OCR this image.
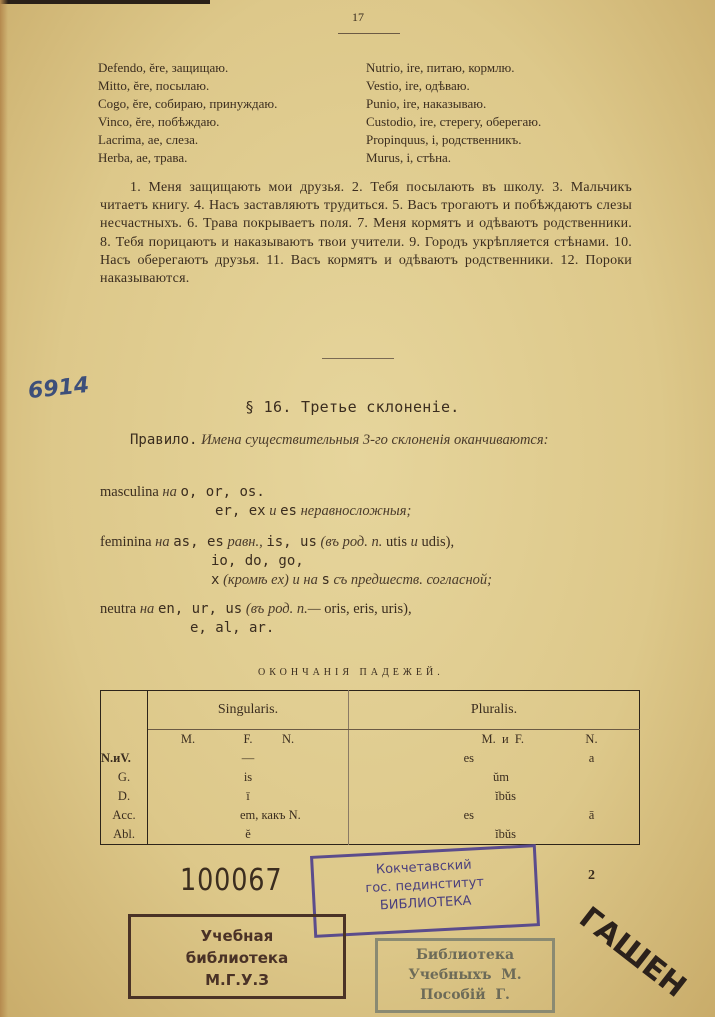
17
Defendo, ĕre, защищаю.
Mitto, ĕre, посылаю.
Cogo, ĕre, собираю, принуждаю.
Vinco, ĕre, побѣждаю.
Lacrima, ae, слеза.
Herba, ae, трава.
Nutrio, ire, питаю, кормлю.
Vestio, ire, одѣваю.
Punio, ire, наказываю.
Custodio, ire, стерегу, оберегаю.
Propinquus, i, родственникъ.
Murus, i, стѣна.
1. Меня защищають мои друзья. 2. Тебя посылають въ школу. 3. Мальчикъ читаетъ книгу. 4. Насъ заставляютъ трудиться. 5. Васъ трогаютъ и побѣждаютъ слезы несчастныхъ. 6. Трава покрываетъ поля. 7. Меня кормятъ и одѣваютъ родственники. 8. Тебя порицаютъ и наказываютъ твои учители. 9. Городъ укрѣпляется стѣнами. 10. Насъ оберегаютъ друзья. 11. Васъ кормятъ и одѣваютъ родственники. 12. Пороки наказываются.
6914
§ 16. Третье склоненіе.
Правило. Имена существительныя 3-го склоненія оканчиваются:
masculina на o, or, os.
er, ex и es неравносложныя;
feminina на as, es равн., is, us (въ род. п. utis и udis),
io, do, go,
x (кромѣ ex) и на s съ предшеств. согласной;
neutra на en, ur, us (въ род. п.— oris, eris, uris),
e, al, ar.
ОКОНЧАНІЯ ПАДЕЖЕЙ.
	Singularis.			Pluralis.	
	M.	F.	N.	M.  и  F.	N.
N.иV.		—		es	a
G.		is		ŭm	
D.		ī		ĭbŭs	
Acc.		em, какъ N.		es	ā
Abl.		ĕ		ĭbŭs	
100067	2
Кокчетавский
гос. пединститут
БИБЛИОТЕКА
Учебная
библиотека
М.Г.У.З
Библиотека
Учебныхъ  М.
Пособій  Г.	ГАШЕН
